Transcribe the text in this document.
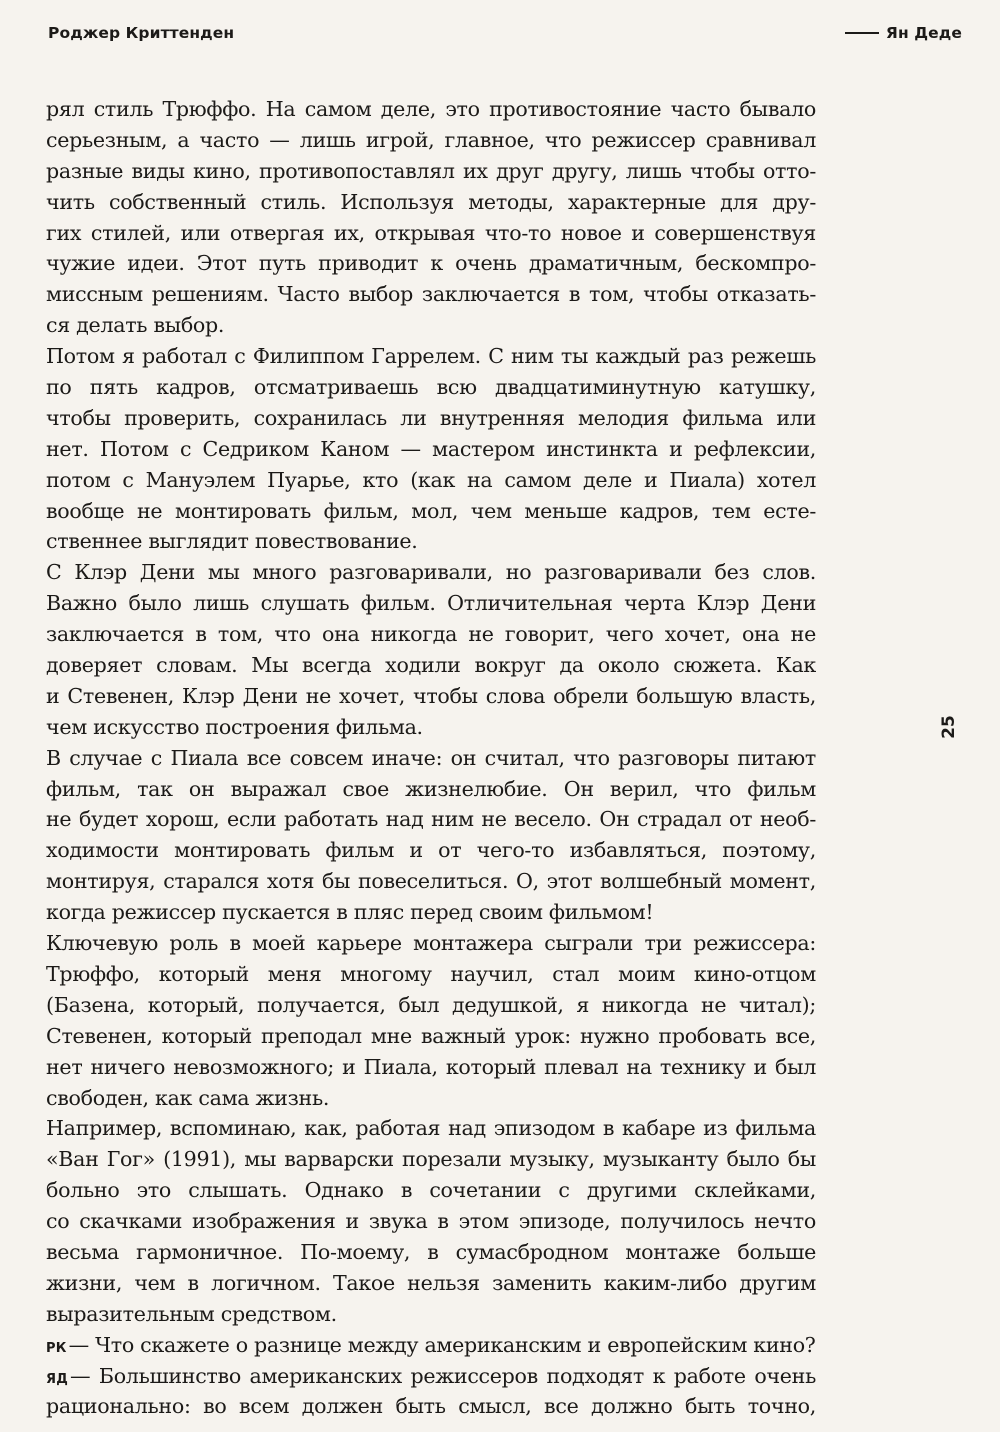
Роджер Криттенден	Ян Деде
25
рял стиль Трюффо. На самом деле, это противостояние часто бывало
серьезным, а часто — лишь игрой, главное, что режиссер сравнивал
разные виды кино, противопоставлял их друг другу, лишь чтобы отто-
чить собственный стиль. Используя методы, характерные для дру-
гих стилей, или отвергая их, открывая что-то новое и совершенствуя
чужие идеи. Этот путь приводит к очень драматичным, бескомпро-
миссным решениям. Часто выбор заключается в том, чтобы отказать-
ся делать выбор.
Потом я работал с Филиппом Гаррелем. С ним ты каждый раз режешь
по пять кадров, отсматриваешь всю двадцатиминутную катушку,
чтобы проверить, сохранилась ли внутренняя мелодия фильма или
нет. Потом с Седриком Каном — мастером инстинкта и рефлексии,
потом с Мануэлем Пуарье, кто (как на самом деле и Пиала) хотел
вообще не монтировать фильм, мол, чем меньше кадров, тем есте-
ственнее выглядит повествование.
С Клэр Дени мы много разговаривали, но разговаривали без слов.
Важно было лишь слушать фильм. Отличительная черта Клэр Дени
заключается в том, что она никогда не говорит, чего хочет, она не
доверяет словам. Мы всегда ходили вокруг да около сюжета. Как
и Стевенен, Клэр Дени не хочет, чтобы слова обрели большую власть,
чем искусство построения фильма.
В случае с Пиала все совсем иначе: он считал, что разговоры питают
фильм, так он выражал свое жизнелюбие. Он верил, что фильм
не будет хорош, если работать над ним не весело. Он страдал от необ-
ходимости монтировать фильм и от чего-то избавляться, поэтому,
монтируя, старался хотя бы повеселиться. О, этот волшебный момент,
когда режиссер пускается в пляс перед своим фильмом!
Ключевую роль в моей карьере монтажера сыграли три режиссера:
Трюффо, который меня многому научил, стал моим кино-отцом
(Базена, который, получается, был дедушкой, я никогда не читал);
Стевенен, который преподал мне важный урок: нужно пробовать все,
нет ничего невозможного; и Пиала, который плевал на технику и был
свободен, как сама жизнь.
Например, вспоминаю, как, работая над эпизодом в кабаре из фильма
«Ван Гог» (1991), мы варварски порезали музыку, музыканту было бы
больно это слышать. Однако в сочетании с другими склейками,
со скачками изображения и звука в этом эпизоде, получилось нечто
весьма гармоничное. По-моему, в сумасбродном монтаже больше
жизни, чем в логичном. Такое нельзя заменить каким-либо другим
выразительным средством.
РК— Что скажете о разнице между американским и европейским кино?
ЯД— Большинство американских режиссеров подходят к работе очень
рационально: во всем должен быть смысл, все должно быть точно,
